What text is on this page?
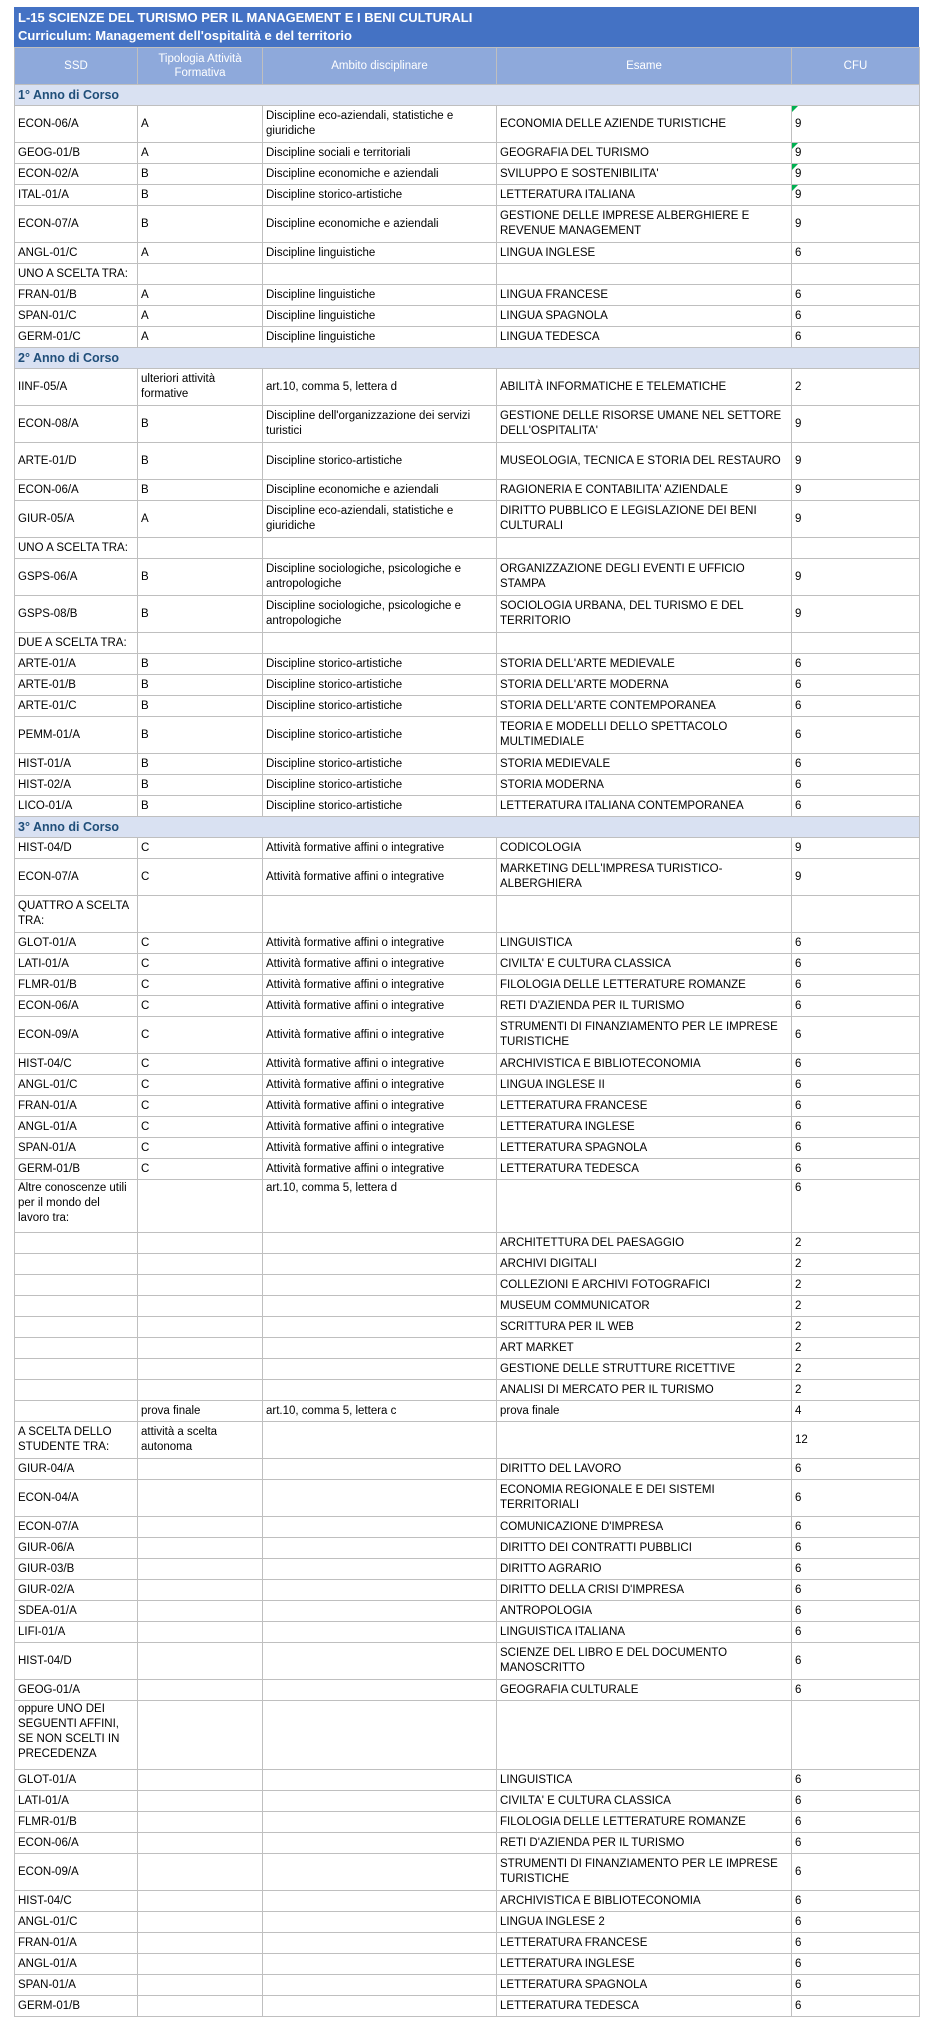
L-15 SCIENZE DEL TURISMO PER IL MANAGEMENT E I BENI CULTURALI
Curriculum: Management dell'ospitalità e del territorio
SSD	Tipologia Attività Formativa	Ambito disciplinare	Esame	CFU
1° Anno di Corso				
ECON-06/A	A	Discipline eco-aziendali, statistiche e giuridiche	ECONOMIA DELLE AZIENDE TURISTICHE	9
GEOG-01/B	A	Discipline sociali e territoriali	GEOGRAFIA DEL TURISMO	9
ECON-02/A	B	Discipline economiche e aziendali	SVILUPPO E SOSTENIBILITA'	9
ITAL-01/A	B	Discipline storico-artistiche	LETTERATURA ITALIANA	9
ECON-07/A	B	Discipline economiche e aziendali	GESTIONE DELLE IMPRESE ALBERGHIERE E REVENUE MANAGEMENT	9
ANGL-01/C	A	Discipline linguistiche	LINGUA INGLESE	6
UNO A SCELTA TRA:				
FRAN-01/B	A	Discipline linguistiche	LINGUA FRANCESE	6
SPAN-01/C	A	Discipline linguistiche	LINGUA SPAGNOLA	6
GERM-01/C	A	Discipline linguistiche	LINGUA TEDESCA	6
2° Anno di Corso				
IINF-05/A	ulteriori attività formative	art.10, comma 5, lettera d	ABILITÀ INFORMATICHE E TELEMATICHE	2
ECON-08/A	B	Discipline dell'organizzazione dei servizi turistici	GESTIONE DELLE RISORSE UMANE NEL SETTORE DELL'OSPITALITA'	9
ARTE-01/D	B	Discipline storico-artistiche	MUSEOLOGIA, TECNICA E STORIA DEL RESTAURO	9
ECON-06/A	B	Discipline economiche e aziendali	RAGIONERIA E CONTABILITA' AZIENDALE	9
GIUR-05/A	A	Discipline eco-aziendali, statistiche e giuridiche	DIRITTO PUBBLICO E LEGISLAZIONE DEI BENI CULTURALI	9
UNO A SCELTA TRA:				
GSPS-06/A	B	Discipline sociologiche, psicologiche e antropologiche	ORGANIZZAZIONE DEGLI EVENTI E UFFICIO STAMPA	9
GSPS-08/B	B	Discipline sociologiche, psicologiche e antropologiche	SOCIOLOGIA URBANA, DEL TURISMO E DEL TERRITORIO	9
DUE A SCELTA TRA:				
ARTE-01/A	B	Discipline storico-artistiche	STORIA DELL'ARTE MEDIEVALE	6
ARTE-01/B	B	Discipline storico-artistiche	STORIA DELL'ARTE MODERNA	6
ARTE-01/C	B	Discipline storico-artistiche	STORIA DELL'ARTE CONTEMPORANEA	6
PEMM-01/A	B	Discipline storico-artistiche	TEORIA E MODELLI DELLO SPETTACOLO MULTIMEDIALE	6
HIST-01/A	B	Discipline storico-artistiche	STORIA MEDIEVALE	6
HIST-02/A	B	Discipline storico-artistiche	STORIA MODERNA	6
LICO-01/A	B	Discipline storico-artistiche	LETTERATURA ITALIANA CONTEMPORANEA	6
3° Anno di Corso				
HIST-04/D	C	Attività formative affini o integrative	CODICOLOGIA	9
ECON-07/A	C	Attività formative affini o integrative	MARKETING DELL'IMPRESA TURISTICO-ALBERGHIERA	9
QUATTRO A SCELTA TRA:				
GLOT-01/A	C	Attività formative affini o integrative	LINGUISTICA	6
LATI-01/A	C	Attività formative affini o integrative	CIVILTA' E CULTURA CLASSICA	6
FLMR-01/B	C	Attività formative affini o integrative	FILOLOGIA DELLE LETTERATURE ROMANZE	6
ECON-06/A	C	Attività formative affini o integrative	RETI D'AZIENDA PER IL TURISMO	6
ECON-09/A	C	Attività formative affini o integrative	STRUMENTI DI FINANZIAMENTO PER LE IMPRESE TURISTICHE	6
HIST-04/C	C	Attività formative affini o integrative	ARCHIVISTICA E BIBLIOTECONOMIA	6
ANGL-01/C	C	Attività formative affini o integrative	LINGUA INGLESE II	6
FRAN-01/A	C	Attività formative affini o integrative	LETTERATURA FRANCESE	6
ANGL-01/A	C	Attività formative affini o integrative	LETTERATURA INGLESE	6
SPAN-01/A	C	Attività formative affini o integrative	LETTERATURA SPAGNOLA	6
GERM-01/B	C	Attività formative affini o integrative	LETTERATURA TEDESCA	6
Altre conoscenze utili per il mondo del lavoro tra:		art.10, comma 5, lettera d		6
			ARCHITETTURA DEL PAESAGGIO	2
			ARCHIVI DIGITALI	2
			COLLEZIONI E ARCHIVI FOTOGRAFICI	2
			MUSEUM COMMUNICATOR	2
			SCRITTURA PER IL WEB	2
			ART MARKET	2
			GESTIONE DELLE STRUTTURE RICETTIVE	2
			ANALISI DI MERCATO PER IL TURISMO	2
	prova finale	art.10, comma 5, lettera c	prova finale	4
A SCELTA DELLO STUDENTE TRA:	attività a scelta autonoma			12
GIUR-04/A			DIRITTO DEL LAVORO	6
ECON-04/A			ECONOMIA REGIONALE E DEI SISTEMI TERRITORIALI	6
ECON-07/A			COMUNICAZIONE D'IMPRESA	6
GIUR-06/A			DIRITTO DEI CONTRATTI PUBBLICI	6
GIUR-03/B			DIRITTO AGRARIO	6
GIUR-02/A			DIRITTO DELLA CRISI D'IMPRESA	6
SDEA-01/A			ANTROPOLOGIA	6
LIFI-01/A			LINGUISTICA ITALIANA	6
HIST-04/D			SCIENZE DEL LIBRO E DEL DOCUMENTO MANOSCRITTO	6
GEOG-01/A			GEOGRAFIA CULTURALE	6
oppure UNO DEI SEGUENTI AFFINI, SE NON SCELTI IN PRECEDENZA				
GLOT-01/A			LINGUISTICA	6
LATI-01/A			CIVILTA' E CULTURA CLASSICA	6
FLMR-01/B			FILOLOGIA DELLE LETTERATURE ROMANZE	6
ECON-06/A			RETI D'AZIENDA PER IL TURISMO	6
ECON-09/A			STRUMENTI DI FINANZIAMENTO PER LE IMPRESE TURISTICHE	6
HIST-04/C			ARCHIVISTICA E BIBLIOTECONOMIA	6
ANGL-01/C			LINGUA INGLESE 2	6
FRAN-01/A			LETTERATURA FRANCESE	6
ANGL-01/A			LETTERATURA INGLESE	6
SPAN-01/A			LETTERATURA SPAGNOLA	6
GERM-01/B			LETTERATURA TEDESCA	6
